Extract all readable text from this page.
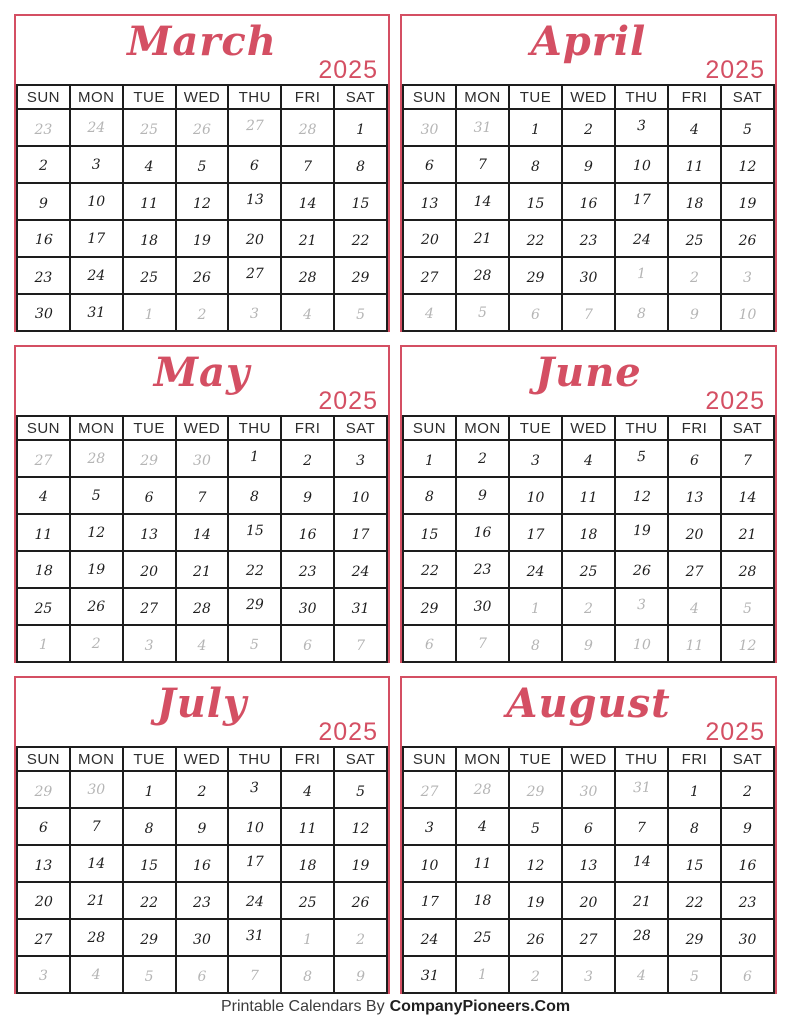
March
2025
SUN	MON	TUE	WED	THU	FRI	SAT
23	24	25	26	27	28	1
2	3	4	5	6	7	8
9	10	11	12	13	14	15
16	17	18	19	20	21	22
23	24	25	26	27	28	29
30	31	1	2	3	4	5
April
2025
SUN	MON	TUE	WED	THU	FRI	SAT
30	31	1	2	3	4	5
6	7	8	9	10	11	12
13	14	15	16	17	18	19
20	21	22	23	24	25	26
27	28	29	30	1	2	3
4	5	6	7	8	9	10
May
2025
SUN	MON	TUE	WED	THU	FRI	SAT
27	28	29	30	1	2	3
4	5	6	7	8	9	10
11	12	13	14	15	16	17
18	19	20	21	22	23	24
25	26	27	28	29	30	31
1	2	3	4	5	6	7
June
2025
SUN	MON	TUE	WED	THU	FRI	SAT
1	2	3	4	5	6	7
8	9	10	11	12	13	14
15	16	17	18	19	20	21
22	23	24	25	26	27	28
29	30	1	2	3	4	5
6	7	8	9	10	11	12
July
2025
SUN	MON	TUE	WED	THU	FRI	SAT
29	30	1	2	3	4	5
6	7	8	9	10	11	12
13	14	15	16	17	18	19
20	21	22	23	24	25	26
27	28	29	30	31	1	2
3	4	5	6	7	8	9
August
2025
SUN	MON	TUE	WED	THU	FRI	SAT
27	28	29	30	31	1	2
3	4	5	6	7	8	9
10	11	12	13	14	15	16
17	18	19	20	21	22	23
24	25	26	27	28	29	30
31	1	2	3	4	5	6
Printable Calendars By CompanyPioneers.Com
